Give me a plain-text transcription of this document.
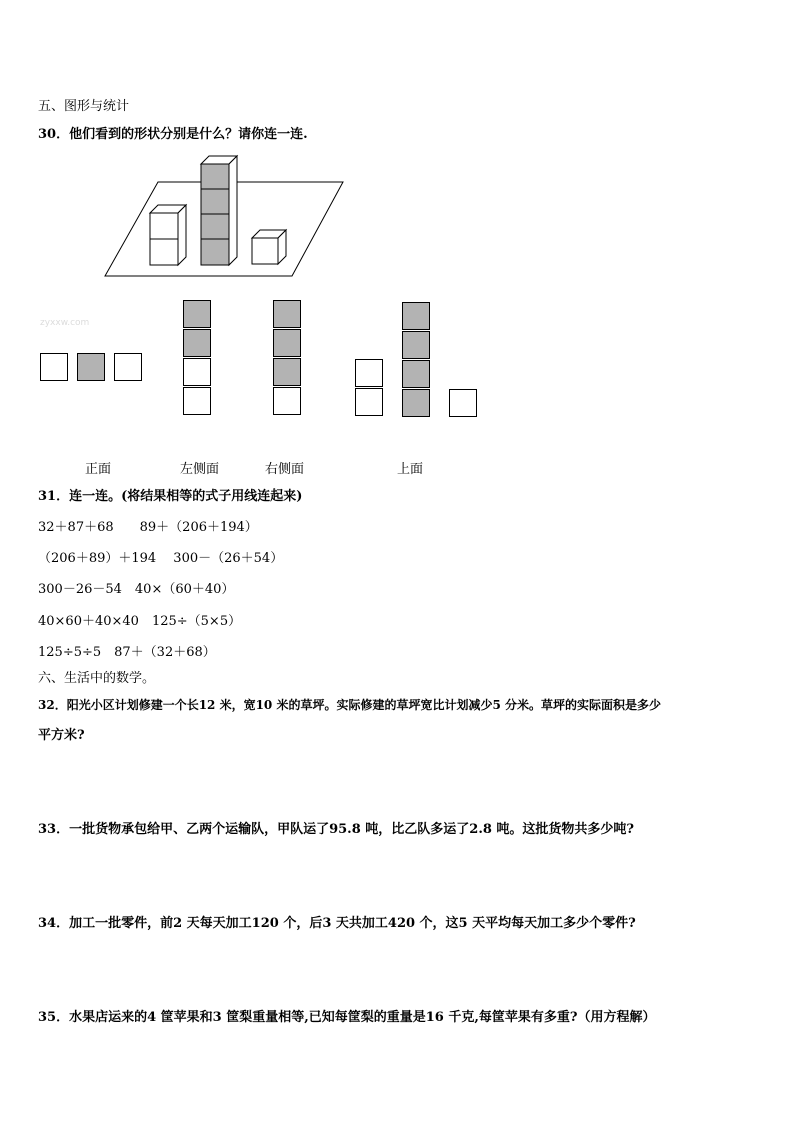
五、图形与统计
30．他们看到的形状分别是什么？请你连一连.
zyxxw.com
正面	左侧面	右侧面	上面
31．连一连。(将结果相等的式子用线连起来)
32＋87＋68　　89＋（206＋194）
（206＋89）＋194　 300－（26＋54）
300－26－54　40×（60＋40）
40×60＋40×40　125÷（5×5）
125÷5÷5　87＋（32＋68）
六、生活中的数学。
32．阳光小区计划修建一个长12 米，宽10 米的草坪。实际修建的草坪宽比计划减少5 分米。草坪的实际面积是多少
平方米?
33．一批货物承包给甲、乙两个运输队，甲队运了95.8 吨，比乙队多运了2.8 吨。这批货物共多少吨?
34．加工一批零件，前2 天每天加工120 个，后3 天共加工420 个，这5 天平均每天加工多少个零件?
35．水果店运来的4 筐苹果和3 筐梨重量相等,已知每筐梨的重量是16 千克,每筐苹果有多重?（用方程解）
